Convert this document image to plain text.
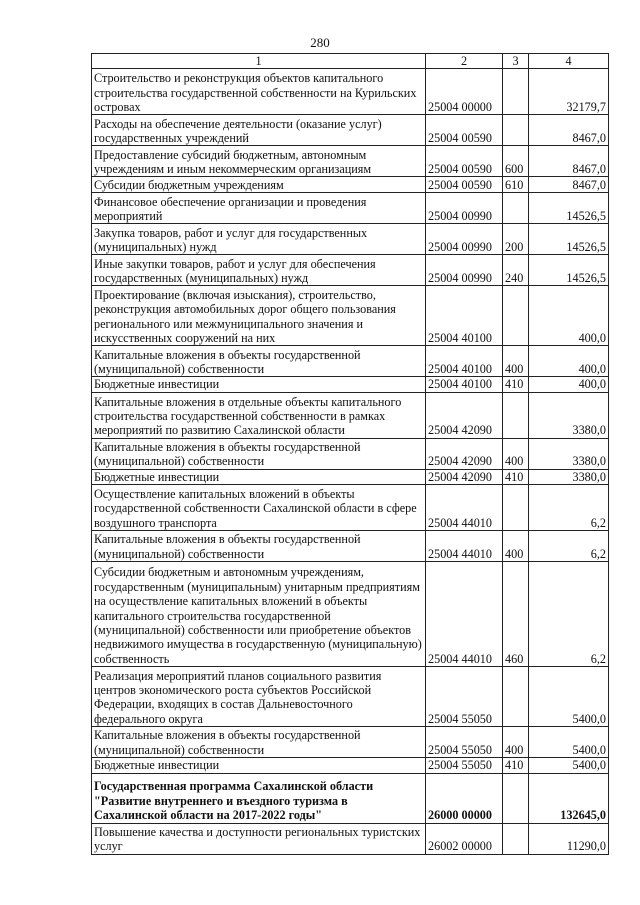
280
1	2	3	4
Строительство и реконструкция объектов капитального строительства государственной собственности на Курильских островах	25004 00000		32179,7
Расходы на обеспечение деятельности (оказание услуг) государственных учреждений	25004 00590		8467,0
Предоставление субсидий бюджетным, автономным учреждениям и иным некоммерческим организациям	25004 00590	600	8467,0
Субсидии бюджетным учреждениям	25004 00590	610	8467,0
Финансовое обеспечение организации и проведения мероприятий	25004 00990		14526,5
Закупка товаров, работ и услуг для государственных (муниципальных) нужд	25004 00990	200	14526,5
Иные закупки товаров, работ и услуг для обеспечения государственных (муниципальных) нужд	25004 00990	240	14526,5
Проектирование (включая изыскания), строительство, реконструкция автомобильных дорог общего пользования регионального или межмуниципального значения и искусственных сооружений на них	25004 40100		400,0
Капитальные вложения в объекты государственной (муниципальной) собственности	25004 40100	400	400,0
Бюджетные инвестиции	25004 40100	410	400,0
Капитальные вложения в отдельные объекты капитального строительства государственной собственности в рамках мероприятий по развитию Сахалинской области	25004 42090		3380,0
Капитальные вложения в объекты государственной (муниципальной) собственности	25004 42090	400	3380,0
Бюджетные инвестиции	25004 42090	410	3380,0
Осуществление капитальных вложений в объекты государственной собственности Сахалинской области в сфере воздушного транспорта	25004 44010		6,2
Капитальные вложения в объекты государственной (муниципальной) собственности	25004 44010	400	6,2
Субсидии бюджетным и автономным учреждениям, государственным (муниципальным) унитарным предприятиям на осуществление капитальных вложений в объекты капитального строительства государственной (муниципальной) собственности или приобретение объектов недвижимого имущества в государственную (муниципальную) собственность	25004 44010	460	6,2
Реализация мероприятий планов социального развития центров экономического роста субъектов Российской Федерации, входящих в состав Дальневосточного федерального округа	25004 55050		5400,0
Капитальные вложения в объекты государственной (муниципальной) собственности	25004 55050	400	5400,0
Бюджетные инвестиции	25004 55050	410	5400,0
Государственная программа Сахалинской области "Развитие внутреннего и въездного туризма в Сахалинской области на 2017-2022 годы"	26000 00000		132645,0
Повышение качества и доступности региональных туристских услуг	26002 00000		11290,0
